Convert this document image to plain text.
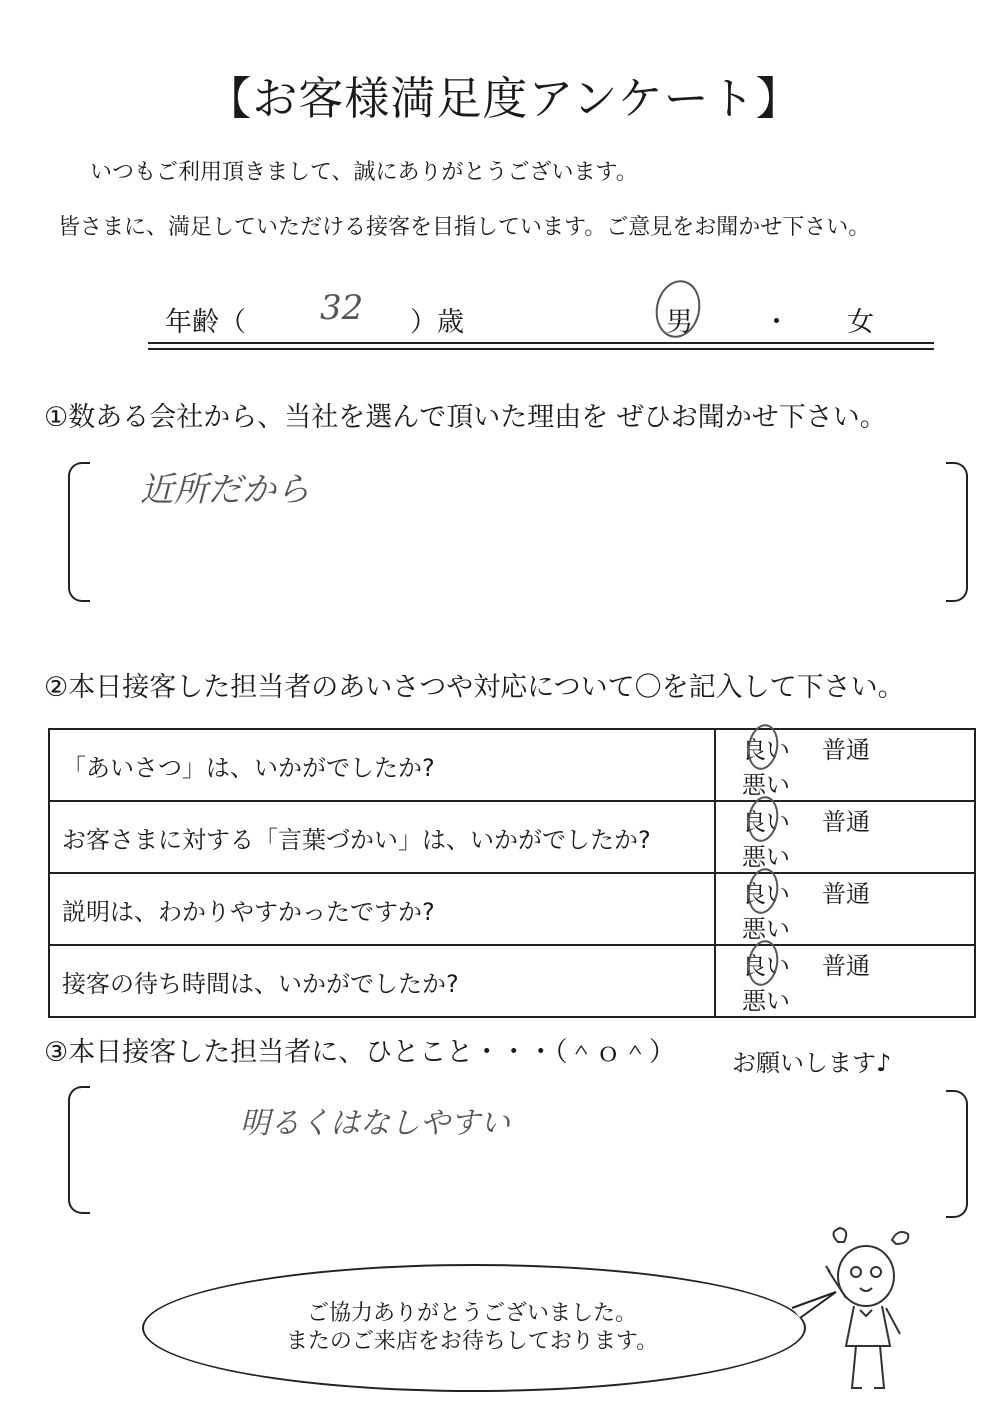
【お客様満足度アンケート】
いつもご利用頂きまして、誠にありがとうございます。
皆さまに、満足していただける接客を目指しています。ご意見をお聞かせ下さい。
年齢（ 32 ）歳	男	・ 女
①数ある会社から、当社を選んで頂いた理由を ぜひお聞かせ下さい。
近所だから
②本日接客した担当者のあいさつや対応について〇を記入して下さい。
「あいさつ」は、いかがでしたか?	良い 普通悪い
お客さまに対する「言葉づかい」は、いかがでしたか?	良い 普通悪い
説明は、わかりやすかったですか?	良い 普通悪い
接客の待ち時間は、いかがでしたか?	良い 普通悪い
③本日接客した担当者に、ひとこと・・・（＾ｏ＾） お願いします♪
明るくはなしやすい
ご協力ありがとうございました。
またのご来店をお待ちしております。
